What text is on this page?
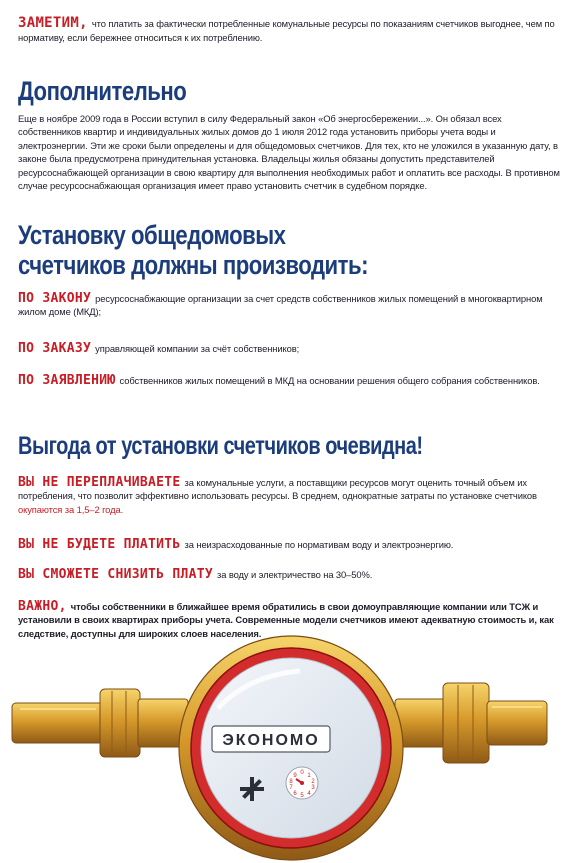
ЗАМЕТИМ, что платить за фактически потребленные комунальные ресурсы по показаниям счетчиков выгоднее, чем по нормативу, если бережнее относиться к их потреблению.
Дополнительно
Еще в ноябре 2009 года в России вступил в силу Федеральный закон «Об энергосбережении...». Он обязал всех собственников квартир и индивидуальных жилых домов до 1 июля 2012 года установить приборы учета воды и электроэнергии. Эти же сроки были определены и для общедомовых счетчиков. Для тех, кто не уложился в указанную дату, в законе была предусмотрена принудительная установка. Владельцы жилья обязаны допустить представителей ресурсоснабжающей организации в свою квартиру для выполнения необходимых работ и оплатить все расходы. В противном случае ресурсоснабжающая организация имеет право установить счетчик в судебном порядке.
Установку общедомовых
счетчиков должны производить:
ПО ЗАКОНУ ресурсоснабжающие организации за счет средств собственников жилых помещений в многоквартирном жилом доме (МКД);
ПО ЗАКАЗУ управляющей компании за счёт собственников;
ПО ЗАЯВЛЕНИЮ собственников жилых помещений в МКД на основании решения общего собрания собственников.
Выгода от установки счетчиков очевидна!
ВЫ НЕ ПЕРЕПЛАЧИВАЕТЕ за комунальные услуги, а поставщики ресурсов могут оценить точный объем их потребления, что позволит эффективно использовать ресурсы. В среднем, однократные затраты по установке счетчиков окупаются за 1,5–2 года.
ВЫ НЕ БУДЕТЕ ПЛАТИТЬ за неизрасходованные по нормативам воду и электроэнергию.
ВЫ СМОЖЕТЕ СНИЗИТЬ ПЛАТУ за воду и электричество на 30–50%.
ВАЖНО, чтобы собственники в ближайшее время обратились в свои домоуправляющие компании или ТСЖ и установили в своих квартирах приборы учета. Современные модели счетчиков имеют адекватную стоимость и, как следствие, доступны для широких слоев населения.
ЭКОНОМО
0 1
2
3
4
5
6
7
8
9
